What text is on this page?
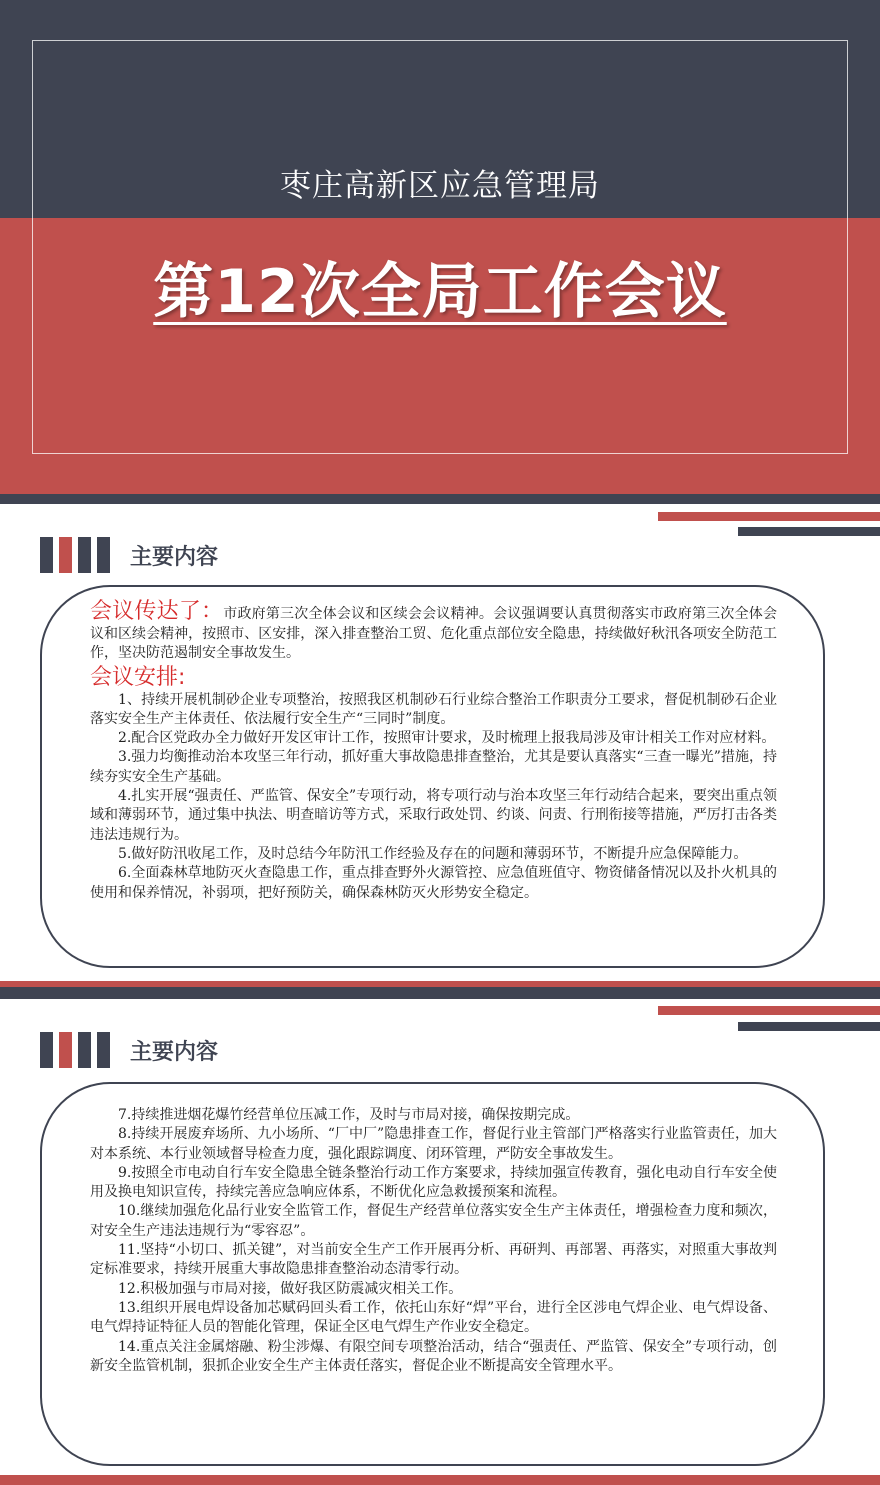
枣庄高新区应急管理局
第12次全局工作会议
主要内容

会议传达了：市政府第三次全体会议和区续会会议精神。会议强调要认真贯彻落实市政府第三次全体会议和区续会精神，按照市、区安排，深入排查整治工贸、危化重点部位安全隐患，持续做好秋汛各项安全防范工作，坚决防范遏制安全事故发生。

会议安排:

1、持续开展机制砂企业专项整治，按照我区机制砂石行业综合整治工作职责分工要求，督促机制砂石企业落实安全生产主体责任、依法履行安全生产“三同时”制度。

2.配合区党政办全力做好开发区审计工作，按照审计要求，及时梳理上报我局涉及审计相关工作对应材料。

3.强力均衡推动治本攻坚三年行动，抓好重大事故隐患排查整治，尤其是要认真落实“三查一曝光”措施，持续夯实安全生产基础。

4.扎实开展“强责任、严监管、保安全”专项行动，将专项行动与治本攻坚三年行动结合起来，要突出重点领域和薄弱环节，通过集中执法、明查暗访等方式，采取行政处罚、约谈、问责、行刑衔接等措施，严厉打击各类违法违规行为。

5.做好防汛收尾工作，及时总结今年防汛工作经验及存在的问题和薄弱环节，不断提升应急保障能力。

6.全面森林草地防灭火查隐患工作，重点排查野外火源管控、应急值班值守、物资储备情况以及扑火机具的使用和保养情况，补弱项，把好预防关，确保森林防灭火形势安全稳定。

主要内容

7.持续推进烟花爆竹经营单位压减工作，及时与市局对接，确保按期完成。

8.持续开展废弃场所、九小场所、“厂中厂”隐患排查工作，督促行业主管部门严格落实行业监管责任，加大对本系统、本行业领域督导检查力度，强化跟踪调度、闭环管理，严防安全事故发生。

9.按照全市电动自行车安全隐患全链条整治行动工作方案要求，持续加强宣传教育，强化电动自行车安全使用及换电知识宣传，持续完善应急响应体系，不断优化应急救援预案和流程。

10.继续加强危化品行业安全监管工作，督促生产经营单位落实安全生产主体责任，增强检查力度和频次，对安全生产违法违规行为“零容忍”。

11.坚持“小切口、抓关键”，对当前安全生产工作开展再分析、再研判、再部署、再落实，对照重大事故判定标准要求，持续开展重大事故隐患排查整治动态清零行动。

12.积极加强与市局对接，做好我区防震减灾相关工作。

13.组织开展电焊设备加芯赋码回头看工作，依托山东好“焊”平台，进行全区涉电气焊企业、电气焊设备、电气焊持证特征人员的智能化管理，保证全区电气焊生产作业安全稳定。

14.重点关注金属熔融、粉尘涉爆、有限空间专项整治活动，结合“强责任、严监管、保安全”专项行动，创新安全监管机制，狠抓企业安全生产主体责任落实，督促企业不断提高安全管理水平。
